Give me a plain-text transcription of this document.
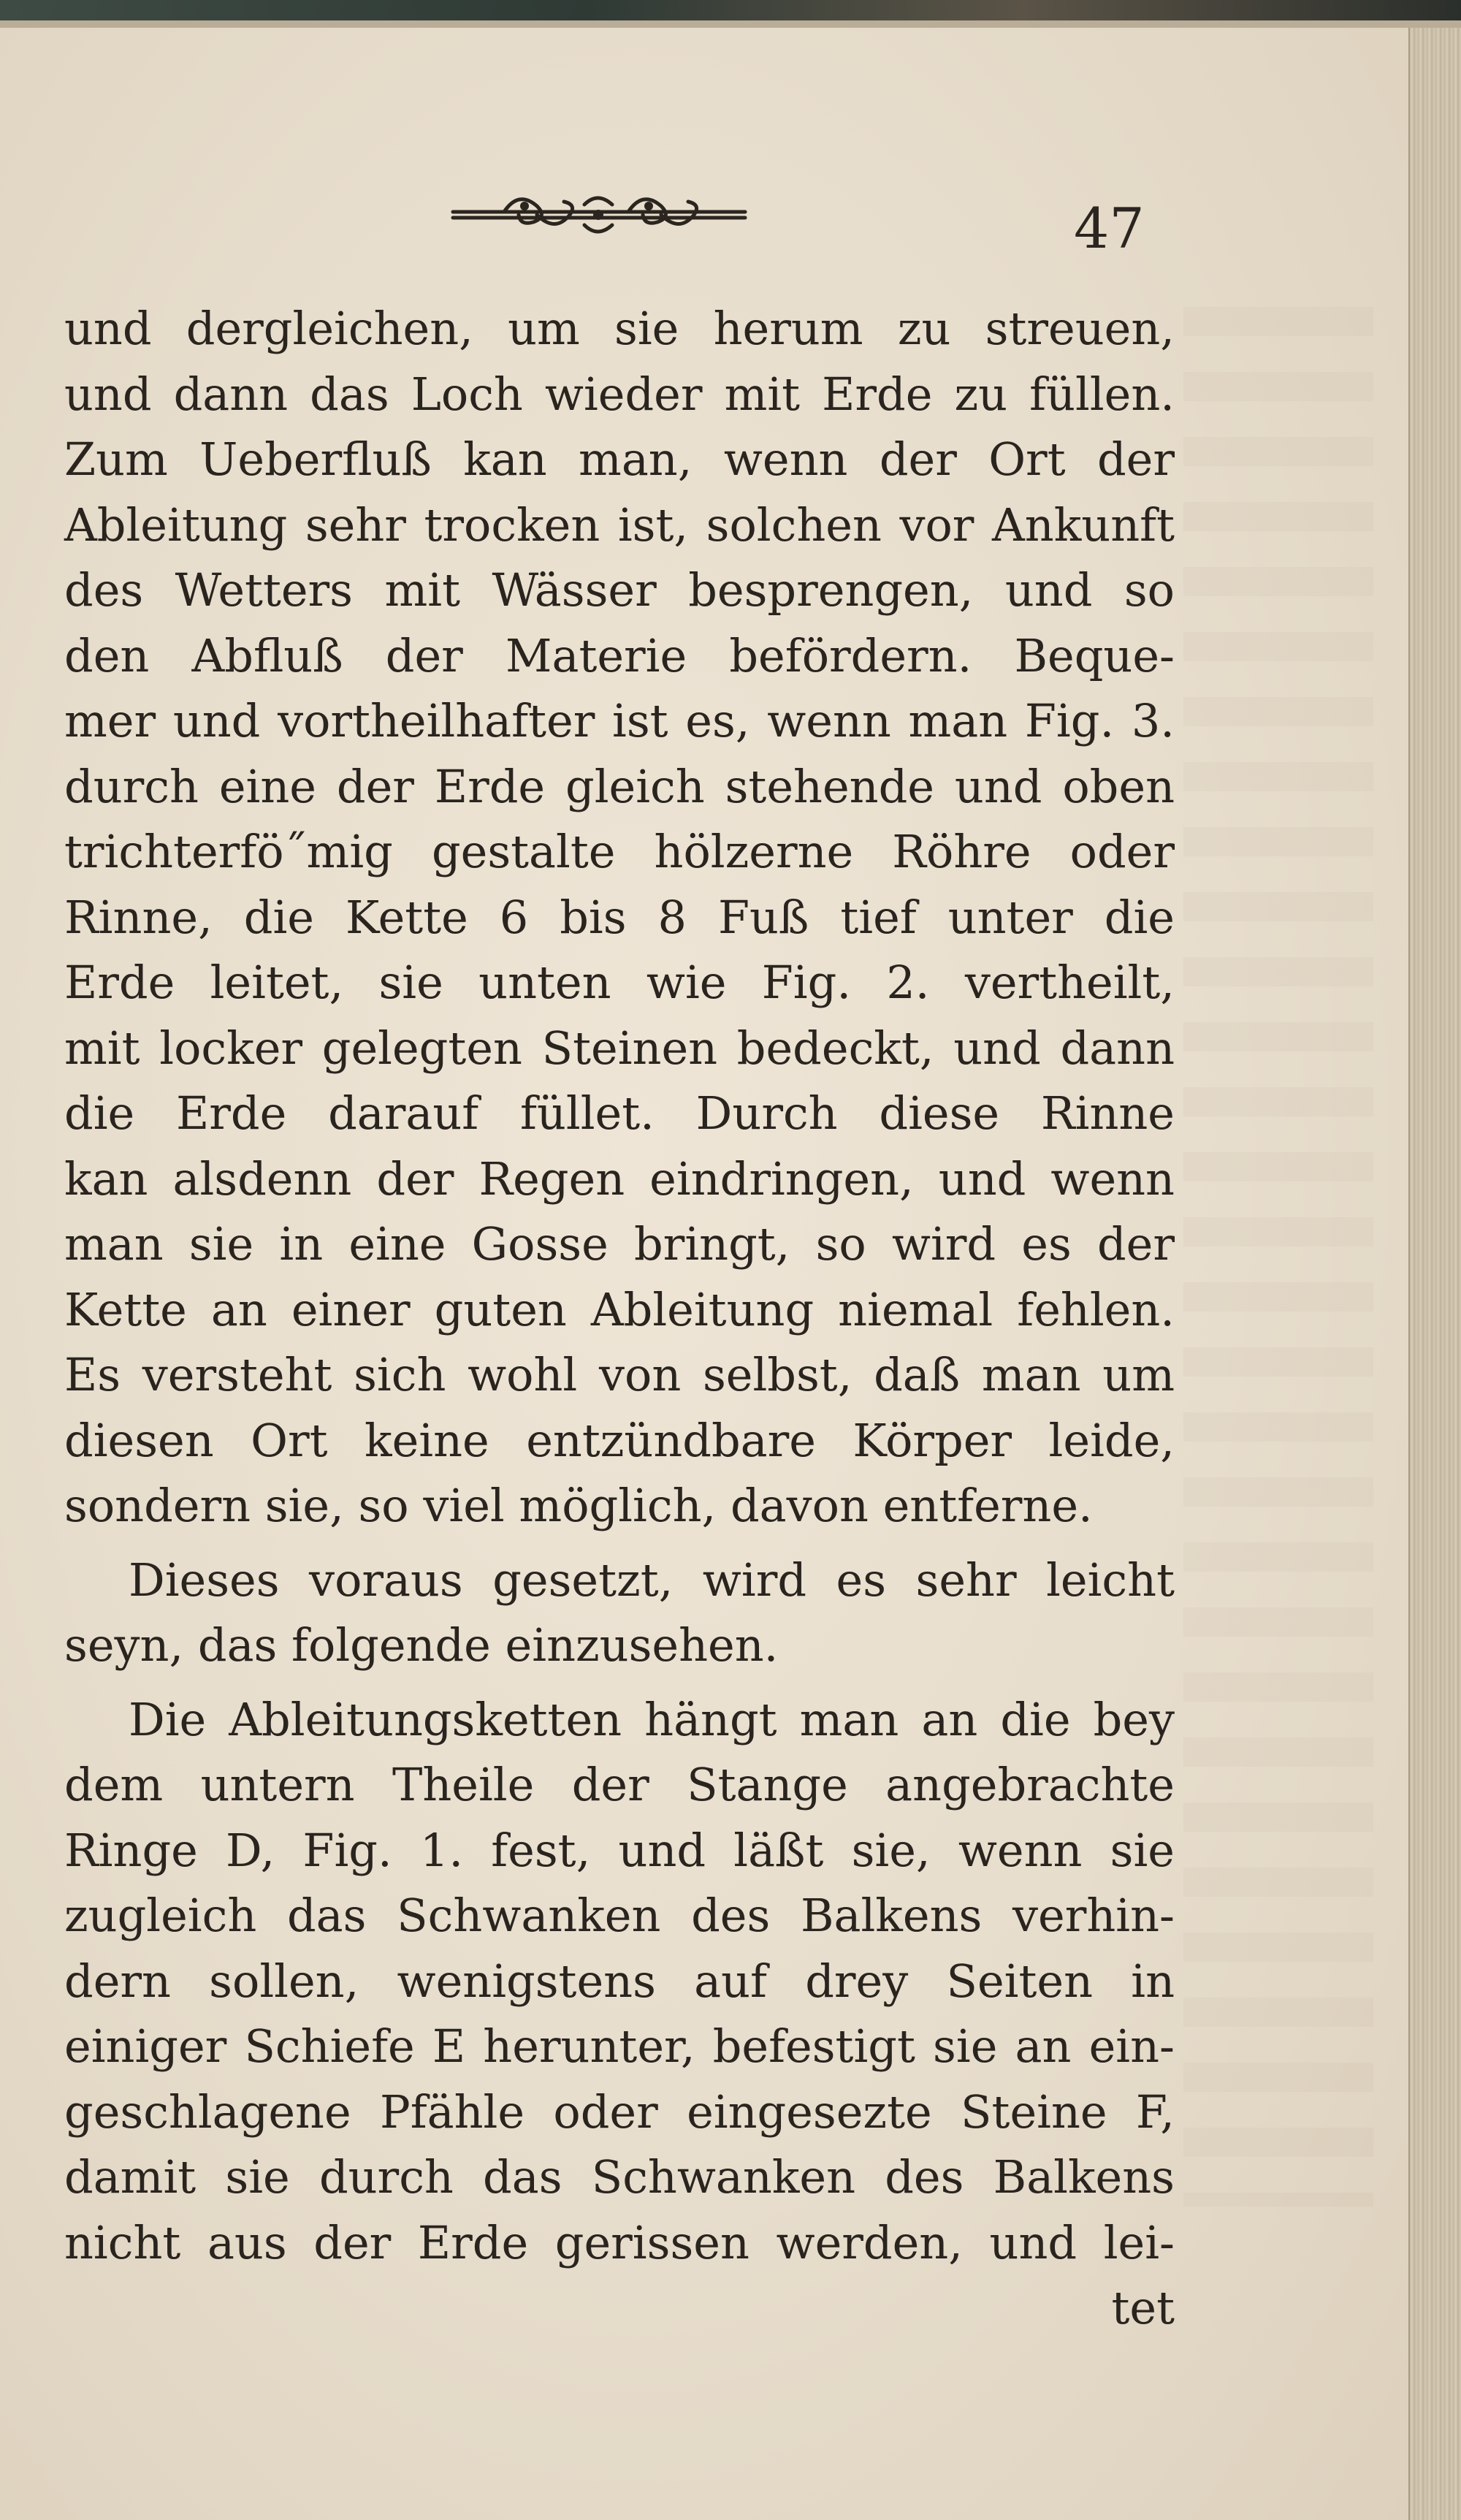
47

und dergleichen, um sie herum zu streuen,
und dann das Loch wieder mit Erde zu füllen.
Zum Ueberfluß kan man, wenn der Ort der
Ableitung sehr trocken ist, solchen vor Ankunft
des Wetters mit Wässer besprengen, und so
den Abfluß der Materie befördern. Beque-
mer und vortheilhafter ist es, wenn man Fig. 3.
durch eine der Erde gleich stehende und oben
trichterfö˝mig gestalte hölzerne Röhre oder
Rinne, die Kette 6 bis 8 Fuß tief unter die
Erde leitet, sie unten wie Fig. 2. vertheilt,
mit locker gelegten Steinen bedeckt, und dann
die Erde darauf füllet. Durch diese Rinne
kan alsdenn der Regen eindringen, und wenn
man sie in eine Gosse bringt, so wird es der
Kette an einer guten Ableitung niemal fehlen.
Es versteht sich wohl von selbst, daß man um
diesen Ort keine entzündbare Körper leide,
sondern sie, so viel möglich, davon entferne.
Dieses voraus gesetzt, wird es sehr leicht
seyn, das folgende einzusehen.
Die Ableitungsketten hängt man an die bey
dem untern Theile der Stange angebrachte
Ringe D, Fig. 1. fest, und läßt sie, wenn sie
zugleich das Schwanken des Balkens verhin-
dern sollen, wenigstens auf drey Seiten in
einiger Schiefe E herunter, befestigt sie an ein-
geschlagene Pfähle oder eingesezte Steine F,
damit sie durch das Schwanken des Balkens
nicht aus der Erde gerissen werden, und lei-
tet
